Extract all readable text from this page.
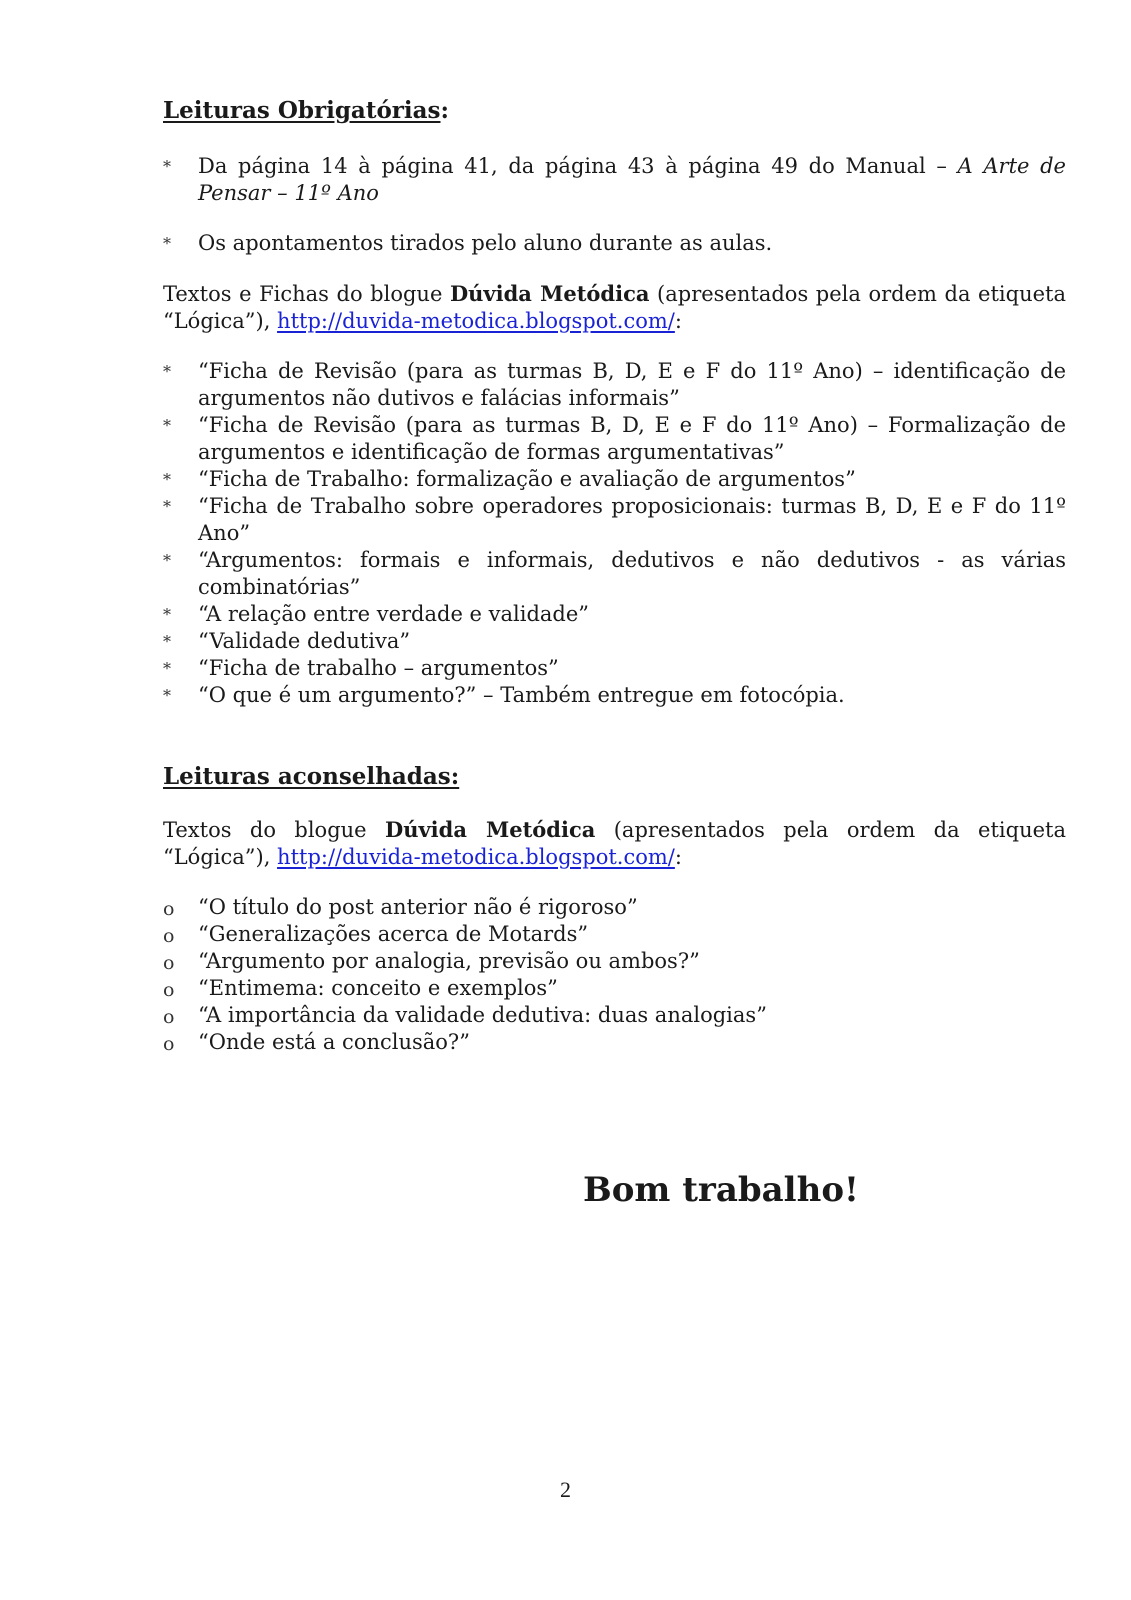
Leituras Obrigatórias:
*	Da página 14 à página 41, da página 43 à página 49 do Manual – A Arte de Pensar – 11º Ano
*	Os apontamentos tirados pelo aluno durante as aulas.

Textos e Fichas do blogue Dúvida Metódica (apresentados pela ordem da etiqueta “Lógica”), http://duvida-metodica.blogspot.com/:

*	“Ficha de Revisão (para as turmas B, D, E e F do 11º Ano) – identificação de argumentos não dutivos e falácias informais”
*	“Ficha de Revisão (para as turmas B, D, E e F do 11º Ano) – Formalização de argumentos e identificação de formas argumentativas”
*	“Ficha de Trabalho: formalização e avaliação de argumentos”
*	“Ficha de Trabalho sobre operadores proposicionais: turmas B, D, E e F do 11º Ano”
*	“Argumentos: formais e informais, dedutivos e não dedutivos - as várias combinatórias”
*	“A relação entre verdade e validade”
*	“Validade dedutiva”
*	“Ficha de trabalho – argumentos”
*	“O que é um argumento?” – Também entregue em fotocópia.
Leituras aconselhadas:

Textos do blogue Dúvida Metódica (apresentados pela ordem da etiqueta “Lógica”), http://duvida-metodica.blogspot.com/:

o	“O título do post anterior não é rigoroso”
o	“Generalizações acerca de Motards”
o	“Argumento por analogia, previsão ou ambos?”
o	“Entimema: conceito e exemplos”
o	“A importância da validade dedutiva: duas analogias”
o	“Onde está a conclusão?”

Bom trabalho!

2
